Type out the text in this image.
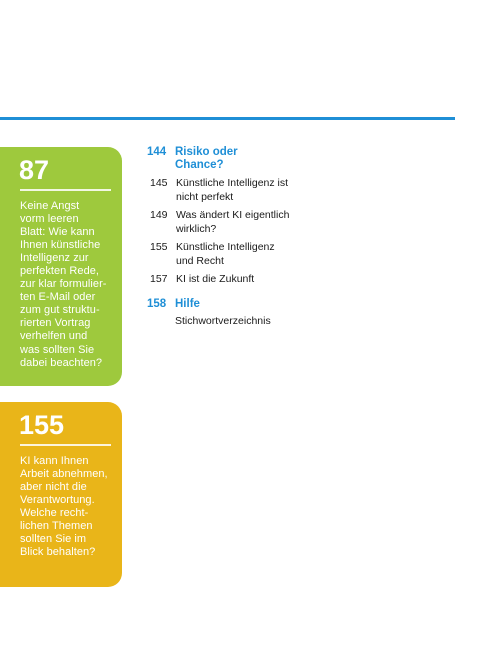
87
Keine Angst
vorm leeren
Blatt: Wie kann
Ihnen künstliche
Intelligenz zur
perfekten Rede,
zur klar formulier-
ten E-Mail oder
zum gut struktu-
rierten Vortrag
verhelfen und
was sollten Sie
dabei beachten?
155
KI kann Ihnen
Arbeit abnehmen,
aber nicht die
Verantwortung.
Welche recht-
lichen Themen
sollten Sie im
Blick behalten?
144 Risiko oder
Chance?
145 Künstliche Intelligenz ist
nicht perfekt
149 Was ändert KI eigentlich
wirklich?
155 Künstliche Intelligenz
und Recht
157 KI ist die Zukunft
158 Hilfe
Stichwortverzeichnis
